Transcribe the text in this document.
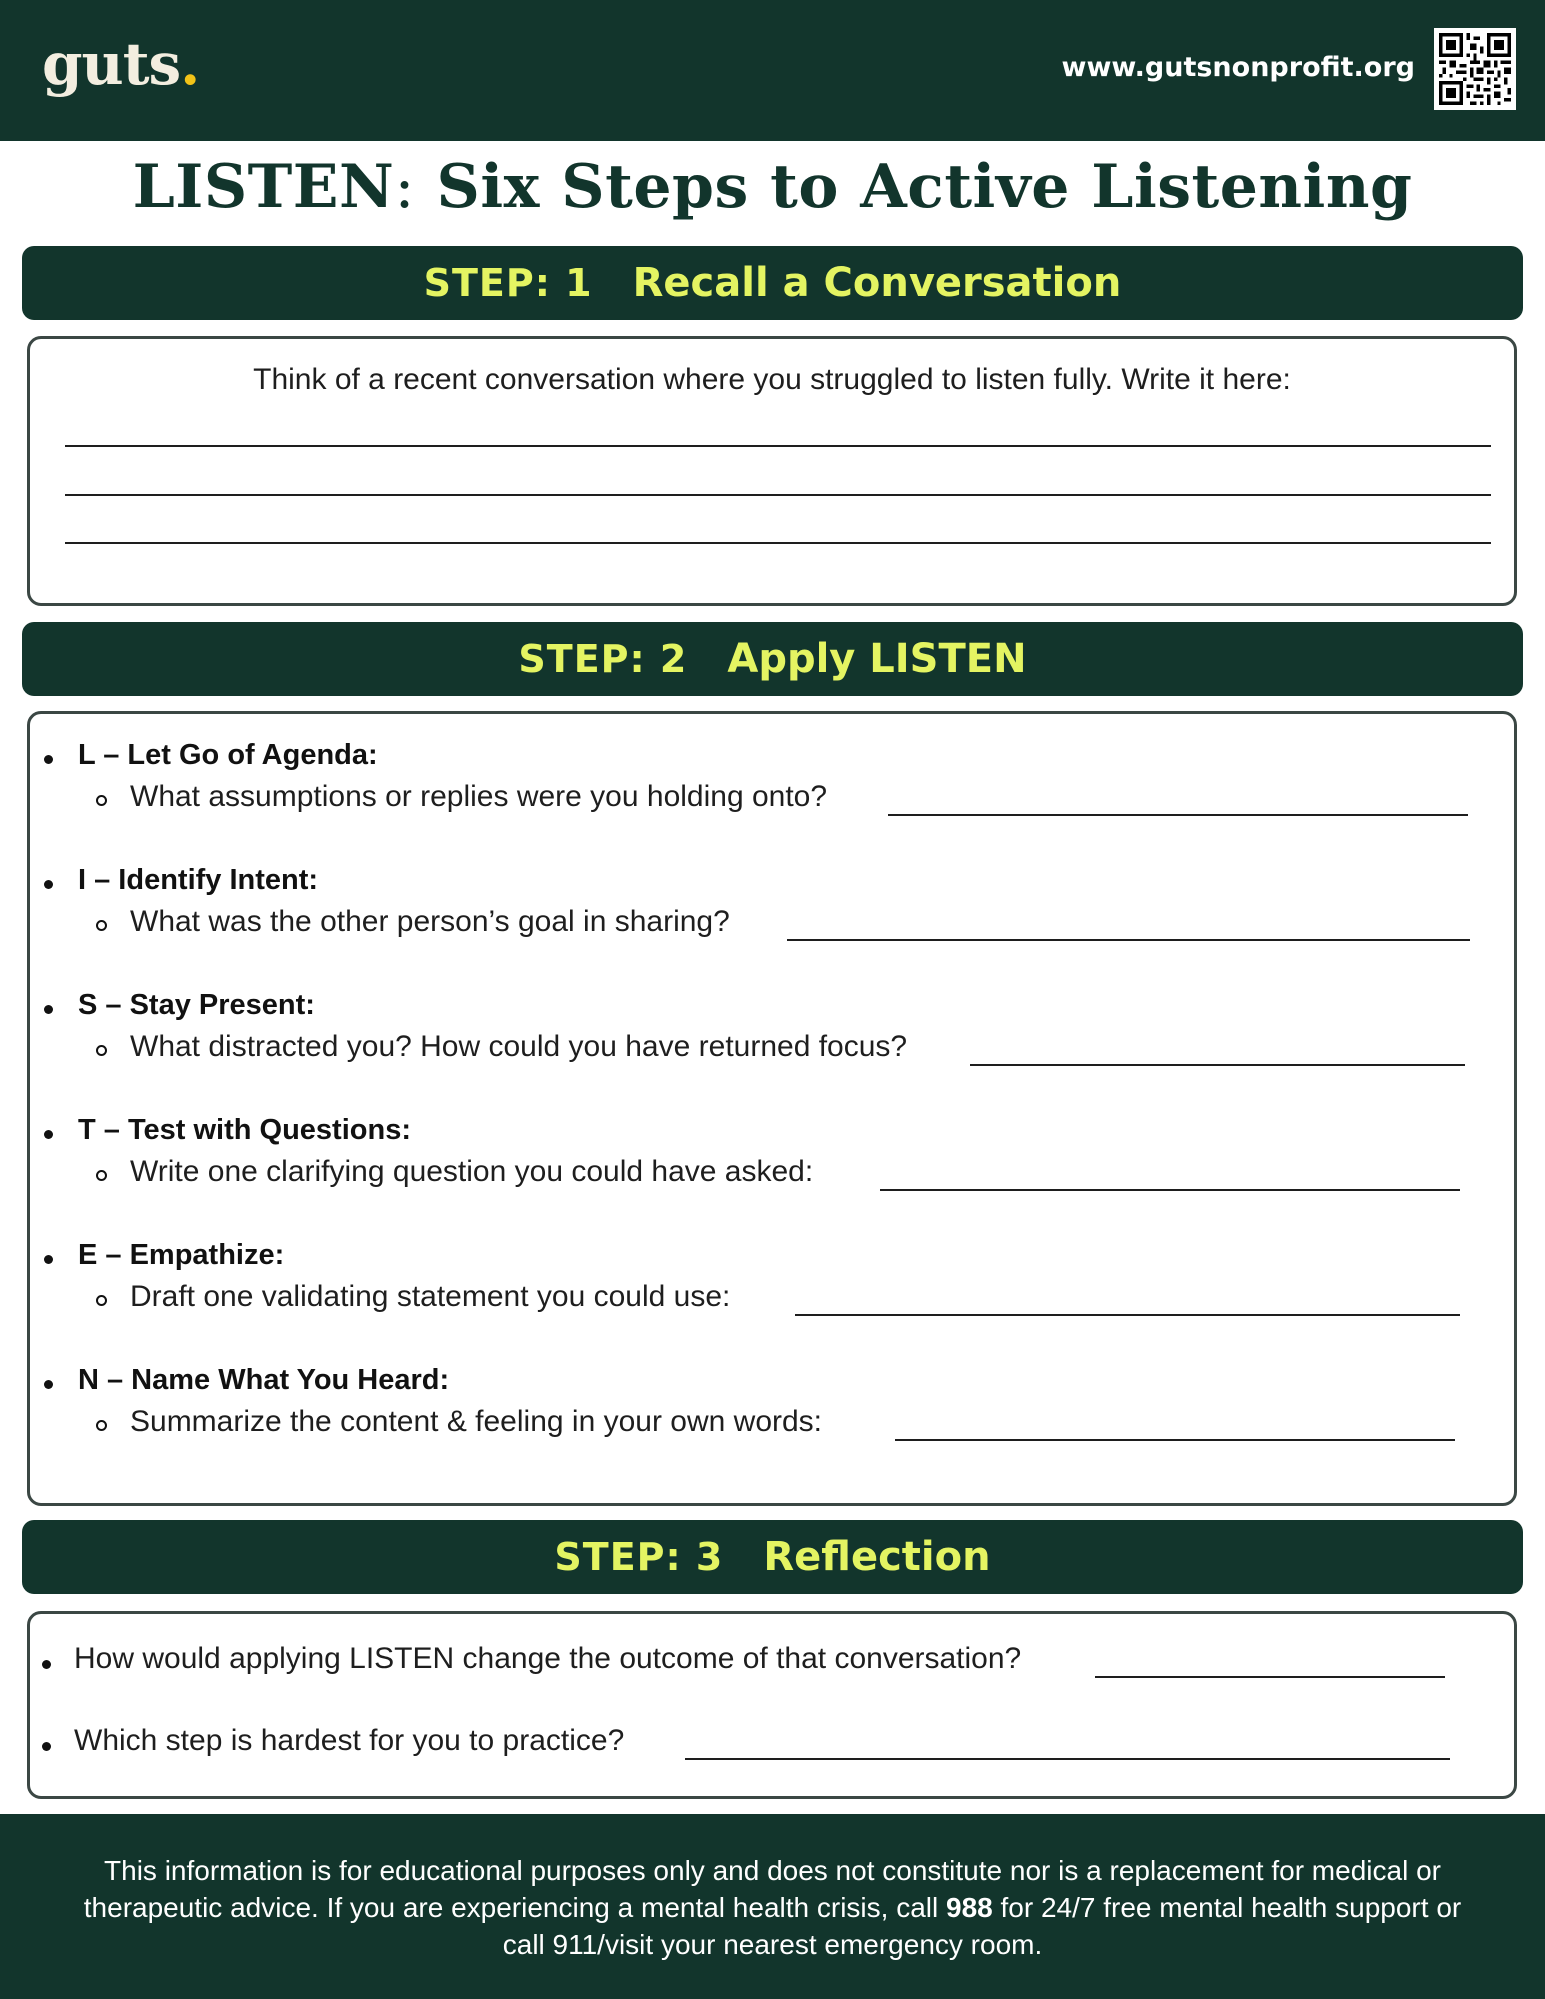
guts.	www.gutsnonprofit.org
LISTEN: Six Steps to Active Listening
STEP: 1 Recall a Conversation
Think of a recent conversation where you struggled to listen fully. Write it here:
STEP: 2 Apply LISTEN
L – Let Go of Agenda:
What assumptions or replies were you holding onto?
I – Identify Intent:
What was the other person’s goal in sharing?
S – Stay Present:
What distracted you? How could you have returned focus?
T – Test with Questions:
Write one clarifying question you could have asked:
E – Empathize:
Draft one validating statement you could use:
N – Name What You Heard:
Summarize the content & feeling in your own words:
STEP: 3 Reflection
How would applying LISTEN change the outcome of that conversation?
Which step is hardest for you to practice?
This information is for educational purposes only and does not constitute nor is a replacement for medical or
therapeutic advice. If you are experiencing a mental health crisis, call 988 for 24/7 free mental health support or
call 911/visit your nearest emergency room.
